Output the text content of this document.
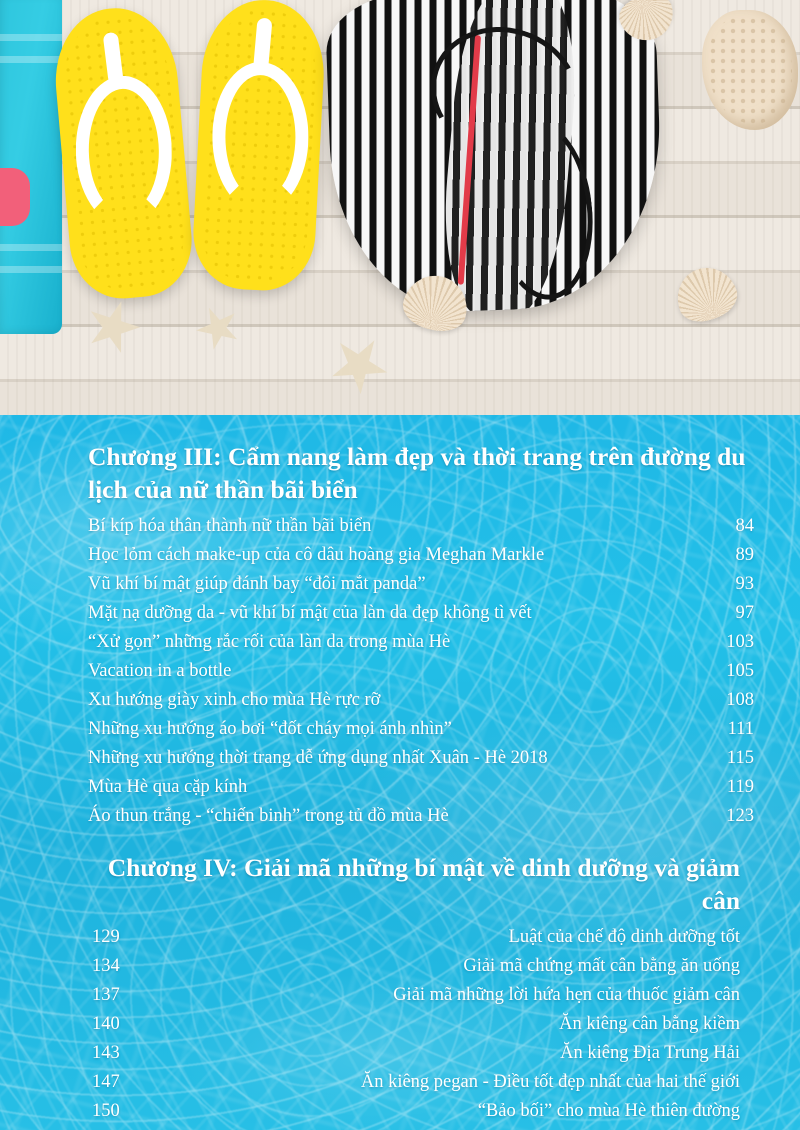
Chương III: Cẩm nang làm đẹp và thời trang trên đường du lịch của nữ thần bãi biển
Bí kíp hóa thân thành nữ thần bãi biển	84
Học lỏm cách make-up của cô dâu hoàng gia Meghan Markle	89
Vũ khí bí mật giúp đánh bay “đôi mắt panda”	93
Mặt nạ dưỡng da - vũ khí bí mật của làn da đẹp không tì vết	97
“Xử gọn” những rắc rối của làn da trong mùa Hè	103
Vacation in a bottle	105
Xu hướng giày xinh cho mùa Hè rực rỡ	108
Những xu hướng áo bơi “đốt cháy mọi ánh nhìn”	111
Những xu hướng thời trang dễ ứng dụng nhất Xuân - Hè 2018	115
Mùa Hè qua cặp kính	119
Áo thun trắng - “chiến binh” trong tủ đồ mùa Hè	123
Chương IV: Giải mã những bí mật về dinh dưỡng và giảm cân
129	Luật của chế độ dinh dưỡng tốt
134	Giải mã chứng mất cân bằng ăn uống
137	Giải mã những lời hứa hẹn của thuốc giảm cân
140	Ăn kiêng cân bằng kiềm
143	Ăn kiêng Địa Trung Hải
147	Ăn kiêng pegan - Điều tốt đẹp nhất của hai thế giới
150	“Bảo bối” cho mùa Hè thiên đường
